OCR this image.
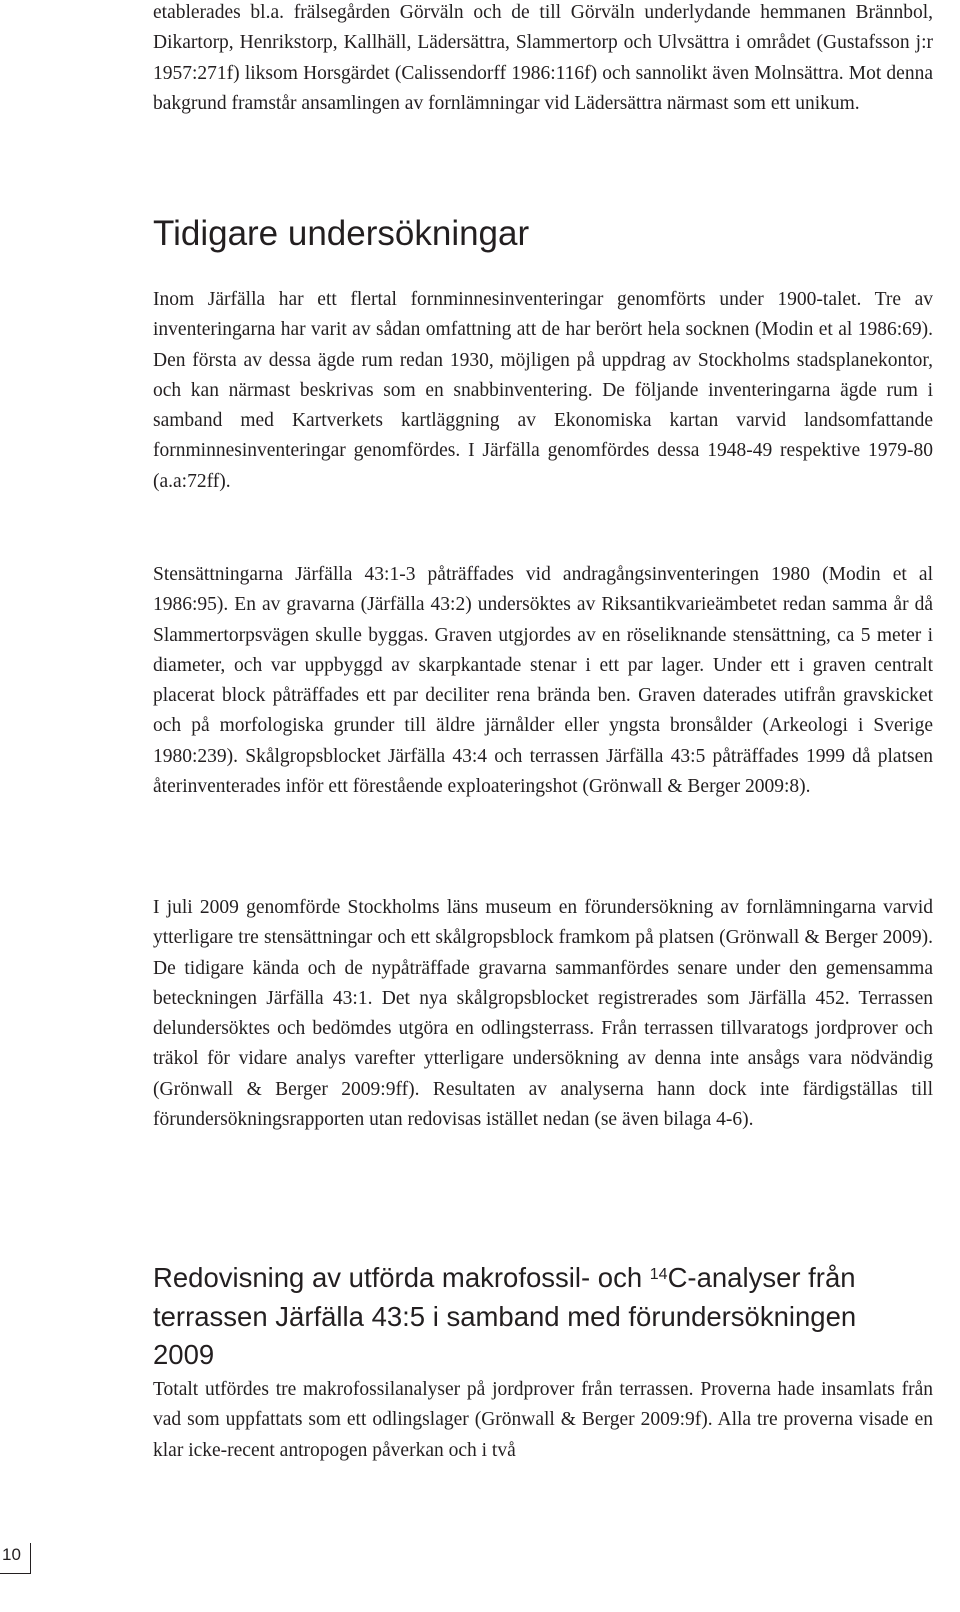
etablerades bl.a. frälsegården Görväln och de till Görväln underlydande hemmanen Brännbol, Dikartorp, Henrikstorp, Kallhäll, Lädersättra, Slammertorp och Ulvsättra i området (Gustafsson j:r 1957:271f) liksom Horsgärdet (Calissendorff 1986:116f) och sannolikt även Molnsättra. Mot denna bakgrund framstår ansamlingen av fornlämningar vid Lädersättra närmast som ett unikum.

Tidigare undersökningar

Inom Järfälla har ett flertal fornminnesinventeringar genomförts under 1900-talet. Tre av inventeringarna har varit av sådan omfattning att de har berört hela socknen (Modin et al 1986:69). Den första av dessa ägde rum redan 1930, möjligen på uppdrag av Stockholms stadsplanekontor, och kan närmast beskrivas som en snabbinventering. De följande inventeringarna ägde rum i samband med Kartverkets kartläggning av Ekonomiska kartan varvid landsomfattande fornminnesinventeringar genomfördes. I Järfälla genomfördes dessa 1948-49 respektive 1979-80 (a.a:72ff).

Stensättningarna Järfälla 43:1-3 påträffades vid andragångsinventeringen 1980 (Modin et al 1986:95). En av gravarna (Järfälla 43:2) undersöktes av Riksantikvarieämbetet redan samma år då Slammertorpsvägen skulle byggas. Graven utgjordes av en röseliknande stensättning, ca 5 meter i diameter, och var uppbyggd av skarpkantade stenar i ett par lager. Under ett i graven centralt placerat block påträffades ett par deciliter rena brända ben. Graven daterades utifrån gravskicket och på morfologiska grunder till äldre järnålder eller yngsta bronsålder (Arkeologi i Sverige 1980:239). Skålgropsblocket Järfälla 43:4 och terrassen Järfälla 43:5 påträffades 1999 då platsen återinventerades inför ett förestående exploateringshot (Grönwall & Berger 2009:8).

I juli 2009 genomförde Stockholms läns museum en förundersökning av fornlämningarna varvid ytterligare tre stensättningar och ett skålgropsblock framkom på platsen (Grönwall & Berger 2009). De tidigare kända och de nypåträffade gravarna sammanfördes senare under den gemensamma beteckningen Järfälla 43:1. Det nya skålgropsblocket registrerades som Järfälla 452. Terrassen delundersöktes och bedömdes utgöra en odlingsterrass. Från terrassen tillvaratogs jordprover och träkol för vidare analys varefter ytterligare undersökning av denna inte ansågs vara nödvändig (Grönwall & Berger 2009:9ff). Resultaten av analyserna hann dock inte färdigställas till förundersökningsrapporten utan redovisas istället nedan (se även bilaga 4-6).

Redovisning av utförda makrofossil- och $^{14}$C-analyser från terrassen Järfälla 43:5 i samband med förundersökningen
2009

Totalt utfördes tre makrofossilanalyser på jordprover från terrassen. Proverna hade insamlats från vad som uppfattats som ett odlingslager (Grönwall & Berger 2009:9f). Alla tre proverna visade en klar icke-recent antropogen påverkan och i två

10
